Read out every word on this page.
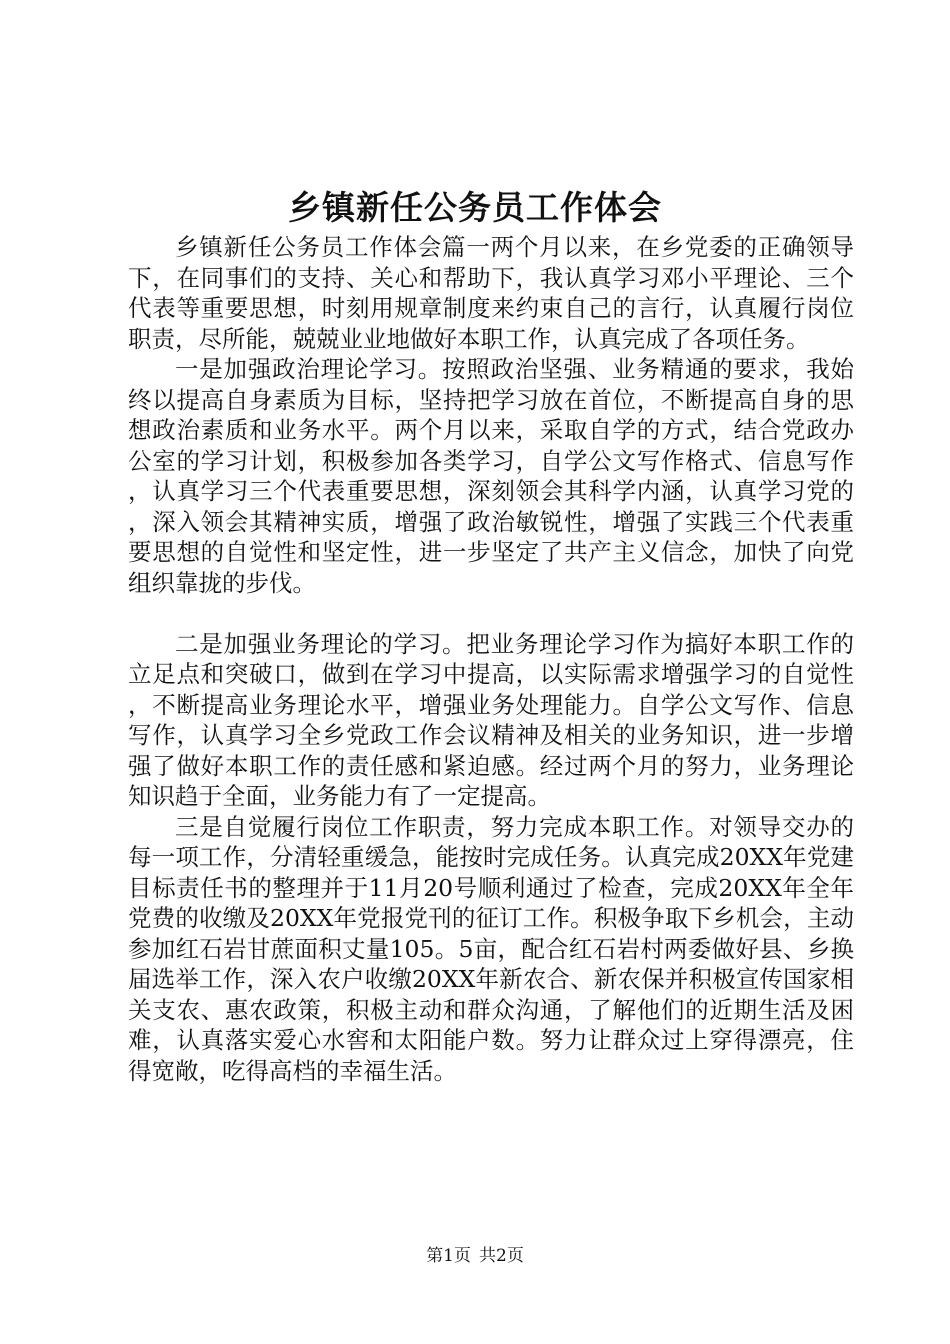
乡镇新任公务员工作体会

乡镇新任公务员工作体会篇一两个月以来，在乡党委的正确领导下，在同事们的支持、关心和帮助下，我认真学习邓小平理论、三个代表等重要思想，时刻用规章制度来约束自己的言行，认真履行岗位职责，尽所能，兢兢业业地做好本职工作，认真完成了各项任务。

一是加强政治理论学习。按照政治坚强、业务精通的要求，我始终以提高自身素质为目标，坚持把学习放在首位，不断提高自身的思想政治素质和业务水平。两个月以来，采取自学的方式，结合党政办公室的学习计划，积极参加各类学习，自学公文写作格式、信息写作，认真学习三个代表重要思想，深刻领会其科学内涵，认真学习党的，深入领会其精神实质，增强了政治敏锐性，增强了实践三个代表重要思想的自觉性和坚定性，进一步坚定了共产主义信念，加快了向党组织靠拢的步伐。

二是加强业务理论的学习。把业务理论学习作为搞好本职工作的立足点和突破口，做到在学习中提高，以实际需求增强学习的自觉性，不断提高业务理论水平，增强业务处理能力。自学公文写作、信息写作，认真学习全乡党政工作会议精神及相关的业务知识，进一步增强了做好本职工作的责任感和紧迫感。经过两个月的努力，业务理论知识趋于全面，业务能力有了一定提高。

三是自觉履行岗位工作职责，努力完成本职工作。对领导交办的每一项工作，分清轻重缓急，能按时完成任务。认真完成20XX年党建目标责任书的整理并于11月20号顺利通过了检查，完成20XX年全年党费的收缴及20XX年党报党刊的征订工作。积极争取下乡机会，主动参加红石岩甘蔗面积丈量105。5亩，配合红石岩村两委做好县、乡换届选举工作，深入农户收缴20XX年新农合、新农保并积极宣传国家相关支农、惠农政策，积极主动和群众沟通，了解他们的近期生活及困难，认真落实爱心水窖和太阳能户数。努力让群众过上穿得漂亮，住得宽敞，吃得高档的幸福生活。

第1页 共2页
